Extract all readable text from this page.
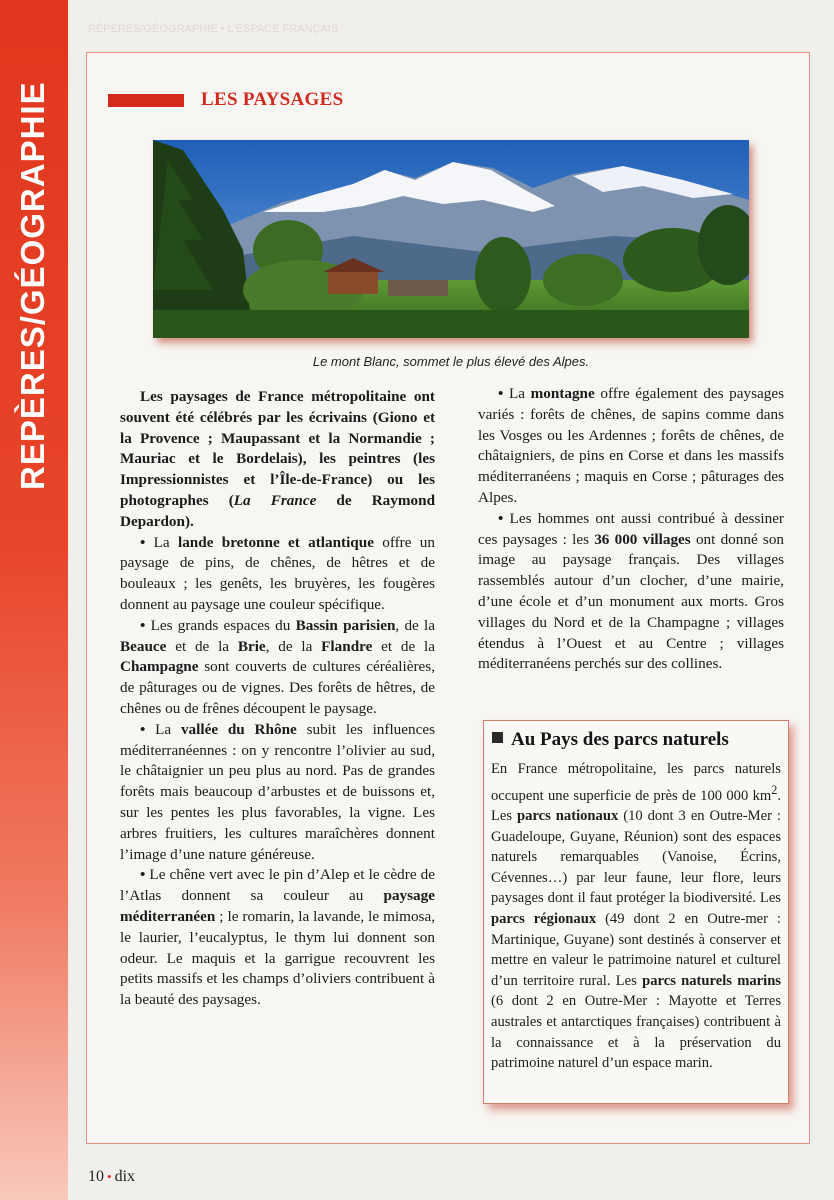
REPÈRES/GÉOGRAPHIE
RÉPÈRES/GÉOGRAPHIE • L'ESPACE FRANÇAIS
LES PAYSAGES
Le mont Blanc, sommet le plus élevé des Alpes.

Les paysages de France métropolitaine ont souvent été célébrés par les écrivains (Giono et la Provence ; Maupassant et la Normandie ; Mauriac et le Bordelais), les peintres (les Impressionnistes et l’Île-de-France) ou les photographes (La France de Raymond Depardon).

• La lande bretonne et atlantique offre un paysage de pins, de chênes, de hêtres et de bouleaux ; les genêts, les bruyères, les fougères donnent au paysage une couleur spécifique.

• Les grands espaces du Bassin parisien, de la Beauce et de la Brie, de la Flandre et de la Champagne sont couverts de cultures céréalières, de pâturages ou de vignes. Des forêts de hêtres, de chênes ou de frênes découpent le paysage.

• La vallée du Rhône subit les influences méditerranéennes : on y rencontre l’olivier au sud, le châtaignier un peu plus au nord. Pas de grandes forêts mais beaucoup d’arbustes et de buissons et, sur les pentes les plus favorables, la vigne. Les arbres fruitiers, les cultures maraîchères donnent l’image d’une nature généreuse.

• Le chêne vert avec le pin d’Alep et le cèdre de l’Atlas donnent sa couleur au paysage méditerranéen ; le romarin, la lavande, le mimosa, le laurier, l’eucalyptus, le thym lui donnent son odeur. Le maquis et la garrigue recouvrent les petits massifs et les champs d’oliviers contribuent à la beauté des paysages.

• La montagne offre également des paysages variés : forêts de chênes, de sapins comme dans les Vosges ou les Ardennes ; forêts de chênes, de châtaigniers, de pins en Corse et dans les massifs méditerranéens ; maquis en Corse ; pâturages des Alpes.

• Les hommes ont aussi contribué à dessiner ces paysages : les 36 000 villages ont donné son image au paysage français. Des villages rassemblés autour d’un clocher, d’une mairie, d’une école et d’un monument aux morts. Gros villages du Nord et de la Champagne ; villages étendus à l’Ouest et au Centre ; villages méditerranéens perchés sur des collines.

Au Pays des parcs naturels

En France métropolitaine, les parcs naturels occupent une superficie de près de 100 000 $km^2$. Les parcs nationaux (10 dont 3 en Outre-Mer : Guadeloupe, Guyane, Réunion) sont des espaces naturels remarquables (Vanoise, Écrins, Cévennes…) par leur faune, leur flore, leurs paysages dont il faut protéger la biodiversité. Les parcs régionaux (49 dont 2 en Outre-mer : Martinique, Guyane) sont destinés à conserver et mettre en valeur le patrimoine naturel et culturel d’un territoire rural. Les parcs naturels marins (6 dont 2 en Outre-Mer : Mayotte et Terres australes et antarctiques françaises) contribuent à la connaissance et à la préservation du patrimoine naturel d’un espace marin.

10 • dix
